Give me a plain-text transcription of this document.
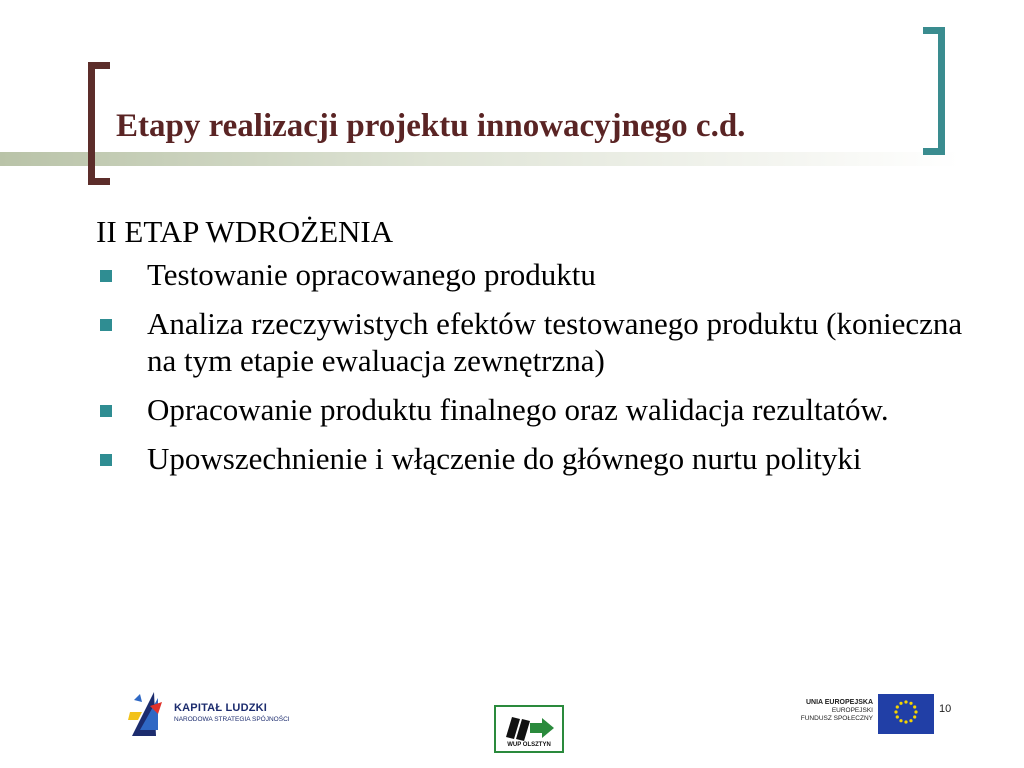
Etapy realizacji projektu innowacyjnego c.d.
II ETAP WDROŻENIA
Testowanie opracowanego produktu
Analiza rzeczywistych efektów testowanego produktu (konieczna na tym etapie ewaluacja zewnętrzna)
Opracowanie produktu finalnego oraz walidacja rezultatów.
Upowszechnienie i włączenie do głównego nurtu polityki
KAPITAŁ LUDZKI
NARODOWA STRATEGIA SPÓJNOŚCI
WUP OLSZTYN
UNIA EUROPEJSKA
EUROPEJSKI
FUNDUSZ SPOŁECZNY
10
